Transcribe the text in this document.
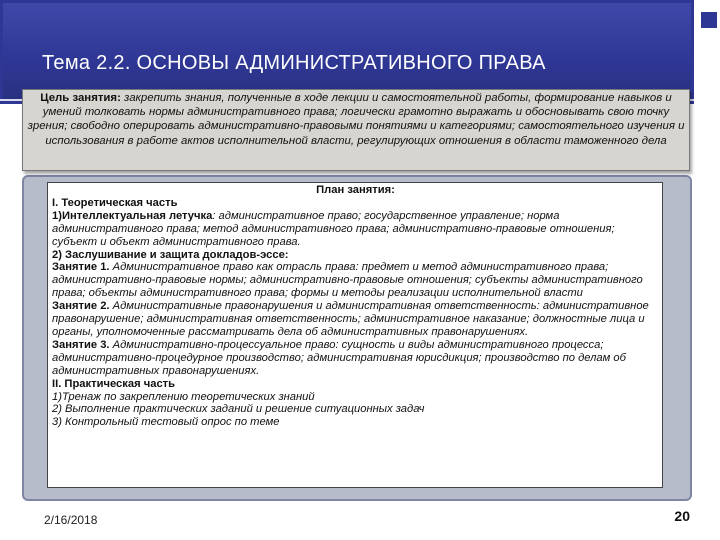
Тема 2.2. ОСНОВЫ АДМИНИСТРАТИВНОГО ПРАВА
Цель занятия: закрепить знания, полученные в ходе лекции и самостоятельной работы, формирование навыков и умений толковать нормы административного права; логически грамотно выражать и обосновывать свою точку зрения; свободно оперировать административно-правовыми понятиями и категориями; самостоятельного изучения и использования в работе актов исполнительной власти, регулирующих отношения в области таможенного дела

План занятия:

I. Теоретическая часть

1)Интеллектуальная летучка: административное право; государственное управление; норма административного права; метод административного права; административно-правовые отношения; субъект и объект административного права.

2) Заслушивание и защита докладов-эссе:

Занятие 1. Административное право как отрасль права: предмет и метод административного права; административно-правовые нормы; административно-правовые отношения; субъекты административного права; объекты административного права; формы и методы реализации исполнительной власти

Занятие 2. Административные правонарушения и административная ответственность: административное правонарушение; административная ответственность; административное наказание; должностные лица и органы, уполномоченные рассматривать дела об административных правонарушениях.

Занятие 3. Административно-процессуальное право: сущность и виды административного процесса; административно-процедурное производство; административная юрисдикция; производство по делам об административных правонарушениях.

II. Практическая часть

1)Тренаж по закреплению теоретических знаний

2) Выполнение практических заданий и решение ситуационных задач

3) Контрольный тестовый опрос по теме

2/16/2018	20
